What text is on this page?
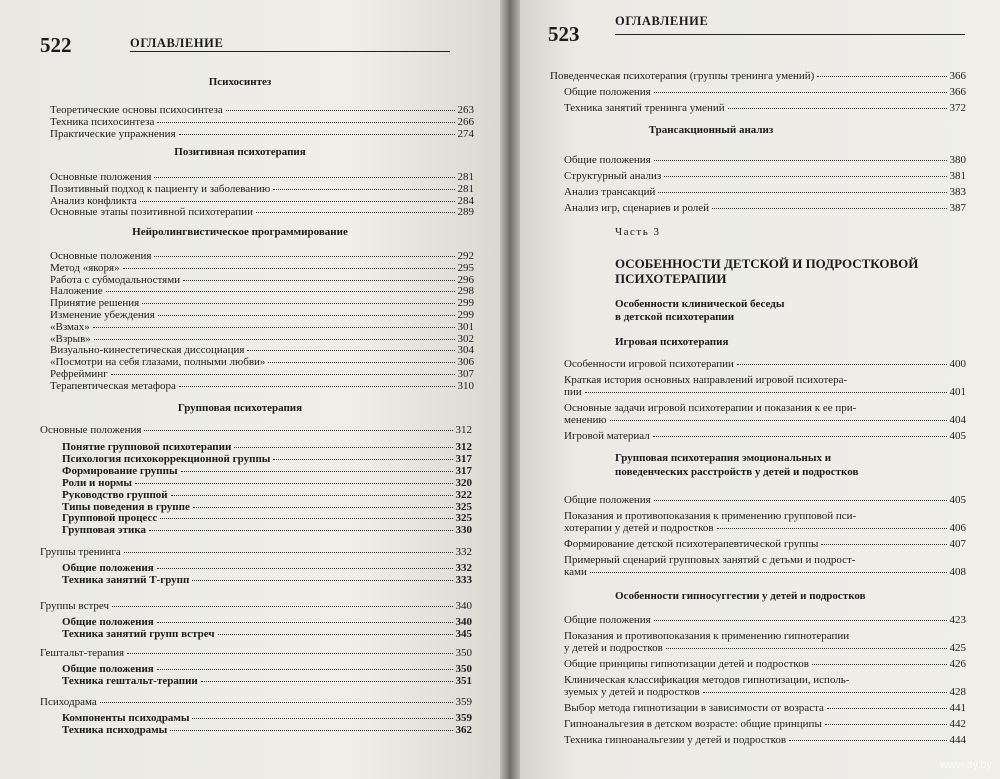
522	ОГЛАВЛЕНИЕ
Психосинтез
Теоретические основы психосинтеза	263
Техника психосинтеза	266
Практические упражнения	274
Позитивная психотерапия
Основные положения	281
Позитивный подход к пациенту и заболеванию	281
Анализ конфликта	284
Основные этапы позитивной психотерапии	289
Нейролингвистическое программирование
Основные положения	292
Метод «якоря»	295
Работа с субмодальностями	296
Наложение	298
Принятие решения	299
Изменение убеждения	299
«Взмах»	301
«Взрыв»	302
Визуально-кинестетическая диссоциация	304
«Посмотри на себя глазами, полными любви»	306
Рефрейминг	307
Терапевтическая метафора	310
Групповая психотерапия
Основные положения	312
Понятие групповой психотерапии	312
Психология психокоррекционной группы	317
Формирование группы	317
Роли и нормы	320
Руководство группой	322
Типы поведения в группе	325
Групповой процесс	325
Групповая этика	330
Группы тренинга	332
Общие положения	332
Техника занятий Т-групп	333
Группы встреч	340
Общие положения	340
Техника занятий групп встреч	345
Гештальт-терапия	350
Общие положения	350
Техника гештальт-терапии	351
Психодрама	359
Компоненты психодрамы	359
Техника психодрамы	362
523
ОГЛАВЛЕНИЕ
Поведенческая психотерапия (группы тренинга умений)	366
Общие положения	366
Техника занятий тренинга умений	372
Трансакционный анализ
Общие положения	380
Структурный анализ	381
Анализ трансакций	383
Анализ игр, сценариев и ролей	387
Часть 3
ОСОБЕННОСТИ ДЕТСКОЙ И ПОДРОСТКОВОЙ
ПСИХОТЕРАПИИ
Особенности клинической беседы
в детской психотерапии
Игровая психотерапия
Особенности игровой психотерапии	400
Краткая история основных направлений игровой психотера-
пии	401
Основные задачи игровой психотерапии и показания к ее при-
менению	404
Игровой материал	405
Групповая психотерапия эмоциональных и
поведенческих расстройств у детей и подростков
Общие положения	405
Показания и противопоказания к применению групповой пси-
хотерапии у детей и подростков	406
Формирование детской психотерапевтической группы	407
Примерный сценарий групповых занятий с детьми и подрост-
ками	408
Особенности гипносуггестии у детей и подростков
Общие положения	423
Показания и противопоказания к применению гипнотерапии
у детей и подростков	425
Общие принципы гипнотизации детей и подростков	426
Клиническая классификация методов гипнотизации, исполь-
зуемых у детей и подростков	428
Выбор метода гипнотизации в зависимости от возраста	441
Гипноанальгезия в детском возрасте: общие принципы	442
Техника гипноанальгезии у детей и подростков	444
www.ay.by
